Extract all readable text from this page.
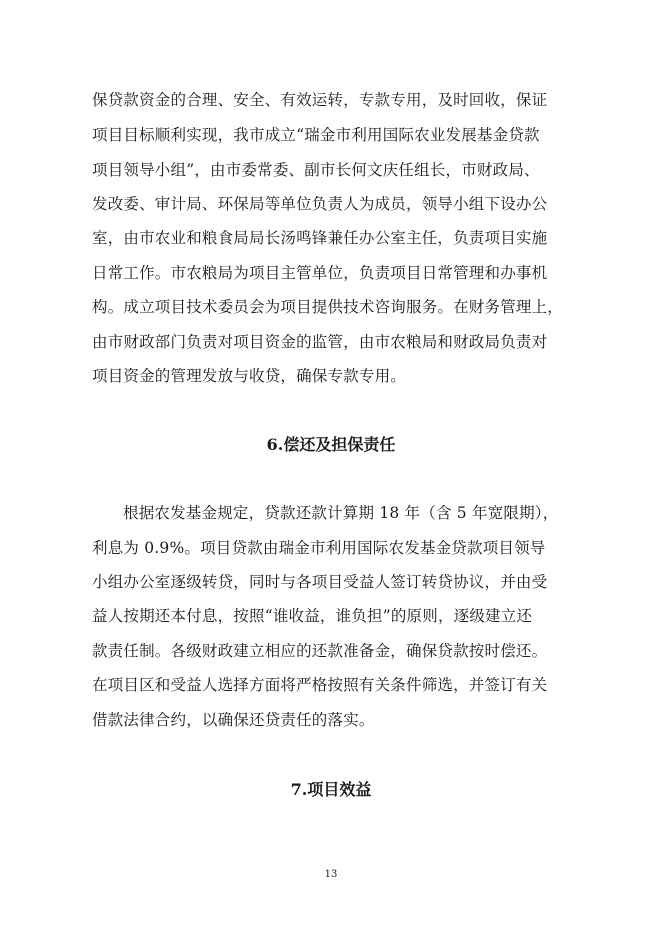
保贷款资金的合理、安全、有效运转，专款专用，及时回收，保证
项目目标顺利实现，我市成立“瑞金市利用国际农业发展基金贷款
项目领导小组”，由市委常委、副市长何文庆任组长，市财政局、
发改委、审计局、环保局等单位负责人为成员，领导小组下设办公
室，由市农业和粮食局局长汤鸣锋兼任办公室主任，负责项目实施
日常工作。市农粮局为项目主管单位，负责项目日常管理和办事机
构。成立项目技术委员会为项目提供技术咨询服务。在财务管理上，
由市财政部门负责对项目资金的监管，由市农粮局和财政局负责对
项目资金的管理发放与收贷，确保专款专用。
6.偿还及担保责任
根据农发基金规定，贷款还款计算期 18 年（含 5 年宽限期），
利息为 0.9%。项目贷款由瑞金市利用国际农发基金贷款项目领导
小组办公室逐级转贷，同时与各项目受益人签订转贷协议，并由受
益人按期还本付息，按照“谁收益，谁负担”的原则，逐级建立还
款责任制。各级财政建立相应的还款准备金，确保贷款按时偿还。
在项目区和受益人选择方面将严格按照有关条件筛选，并签订有关
借款法律合约，以确保还贷责任的落实。
7.项目效益
13
